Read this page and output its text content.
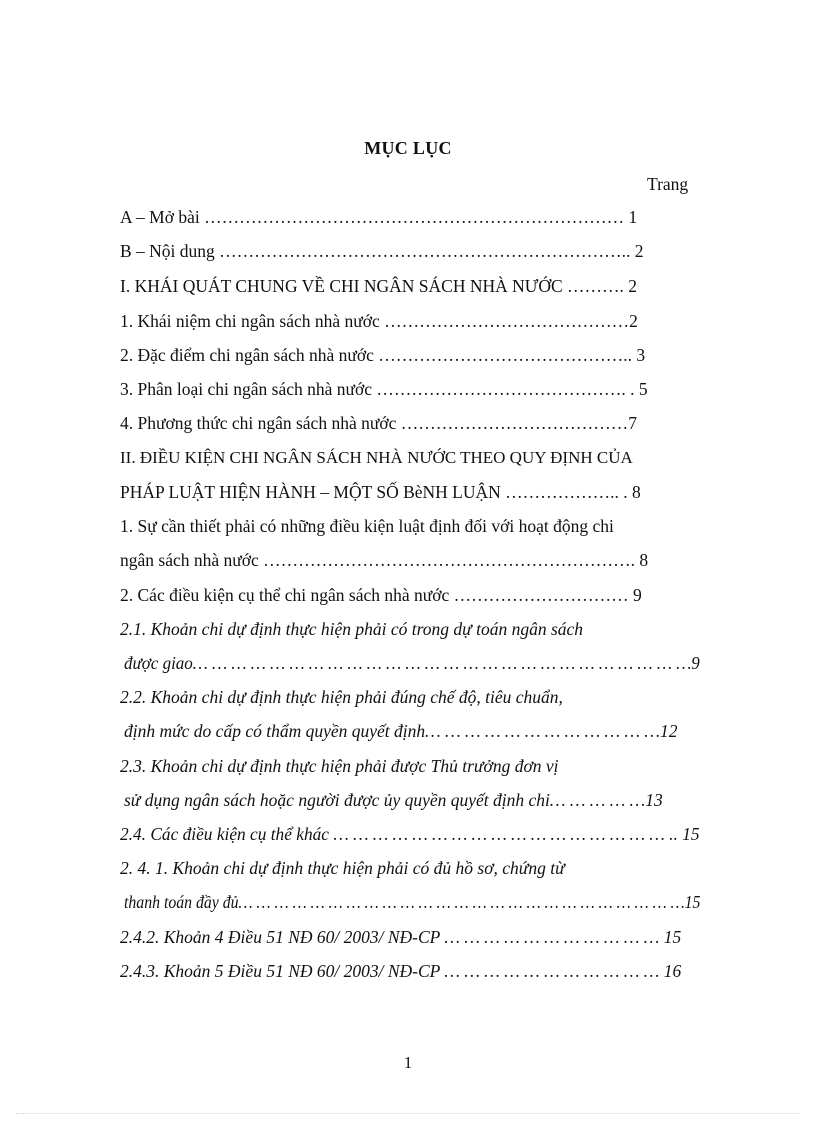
MỤC LỤC
Trang
A – Mở bài ……………………………………………………………… 1
B – Nội dung …………………………………………………………….. 2
I. KHÁI QUÁT CHUNG VỀ CHI NGÂN SÁCH NHÀ NƯỚC ………. 2
1. Khái niệm chi ngân sách nhà nước ……………………………………2
2. Đặc điểm chi ngân sách nhà nước …………………………………….. 3
3. Phân loại chi ngân sách nhà nước ……………………………………. . 5
4. Phương thức chi ngân sách nhà nước …………………………………7
II. ĐIỀU KIỆN CHI NGÂN SÁCH NHÀ NƯỚC THEO QUY ĐỊNH CỦA
PHÁP LUẬT HIỆN HÀNH – MỘT SỐ BèNH LUẬN ……………….. . 8
1. Sự cần thiết phải có những điều kiện luật định đối với hoạt động chi
ngân sách nhà nước ………………………………………………………. 8
2. Các điều kiện cụ thể chi ngân sách nhà nước ………………………… 9
2.1. Khoản chi dự định thực hiện phải có trong dự toán ngân sách
được giao… … … … … … … … … … … … … … … … … … … … … … … … … …9
2.2. Khoản chi dự định thực hiện phải đúng chế độ, tiêu chuẩn,
định mức do cấp có thẩm quyền quyết định… … … … … … … … … … … …12
2.3. Khoản chi dự định thực hiện phải được Thủ trưởng đơn vị
sử dụng ngân sách hoặc người được ủy quyền quyết định chi… … … … …13
2.4. Các điều kiện cụ thể khác … … … … … … … … … … … … … … … … … .. 15
2. 4. 1. Khoản chi dự định thực hiện phải có đủ hồ sơ, chứng từ
thanh toán đầy đủ… … … … … … … … … … … … … … … … … … … … … … … … …15
2.4.2. Khoản 4 Điều 51 NĐ 60/ 2003/ NĐ-CP … … … … … … … … … … … 15
2.4.3. Khoản 5 Điều 51 NĐ 60/ 2003/ NĐ-CP … … … … … … … … … … … 16
1
